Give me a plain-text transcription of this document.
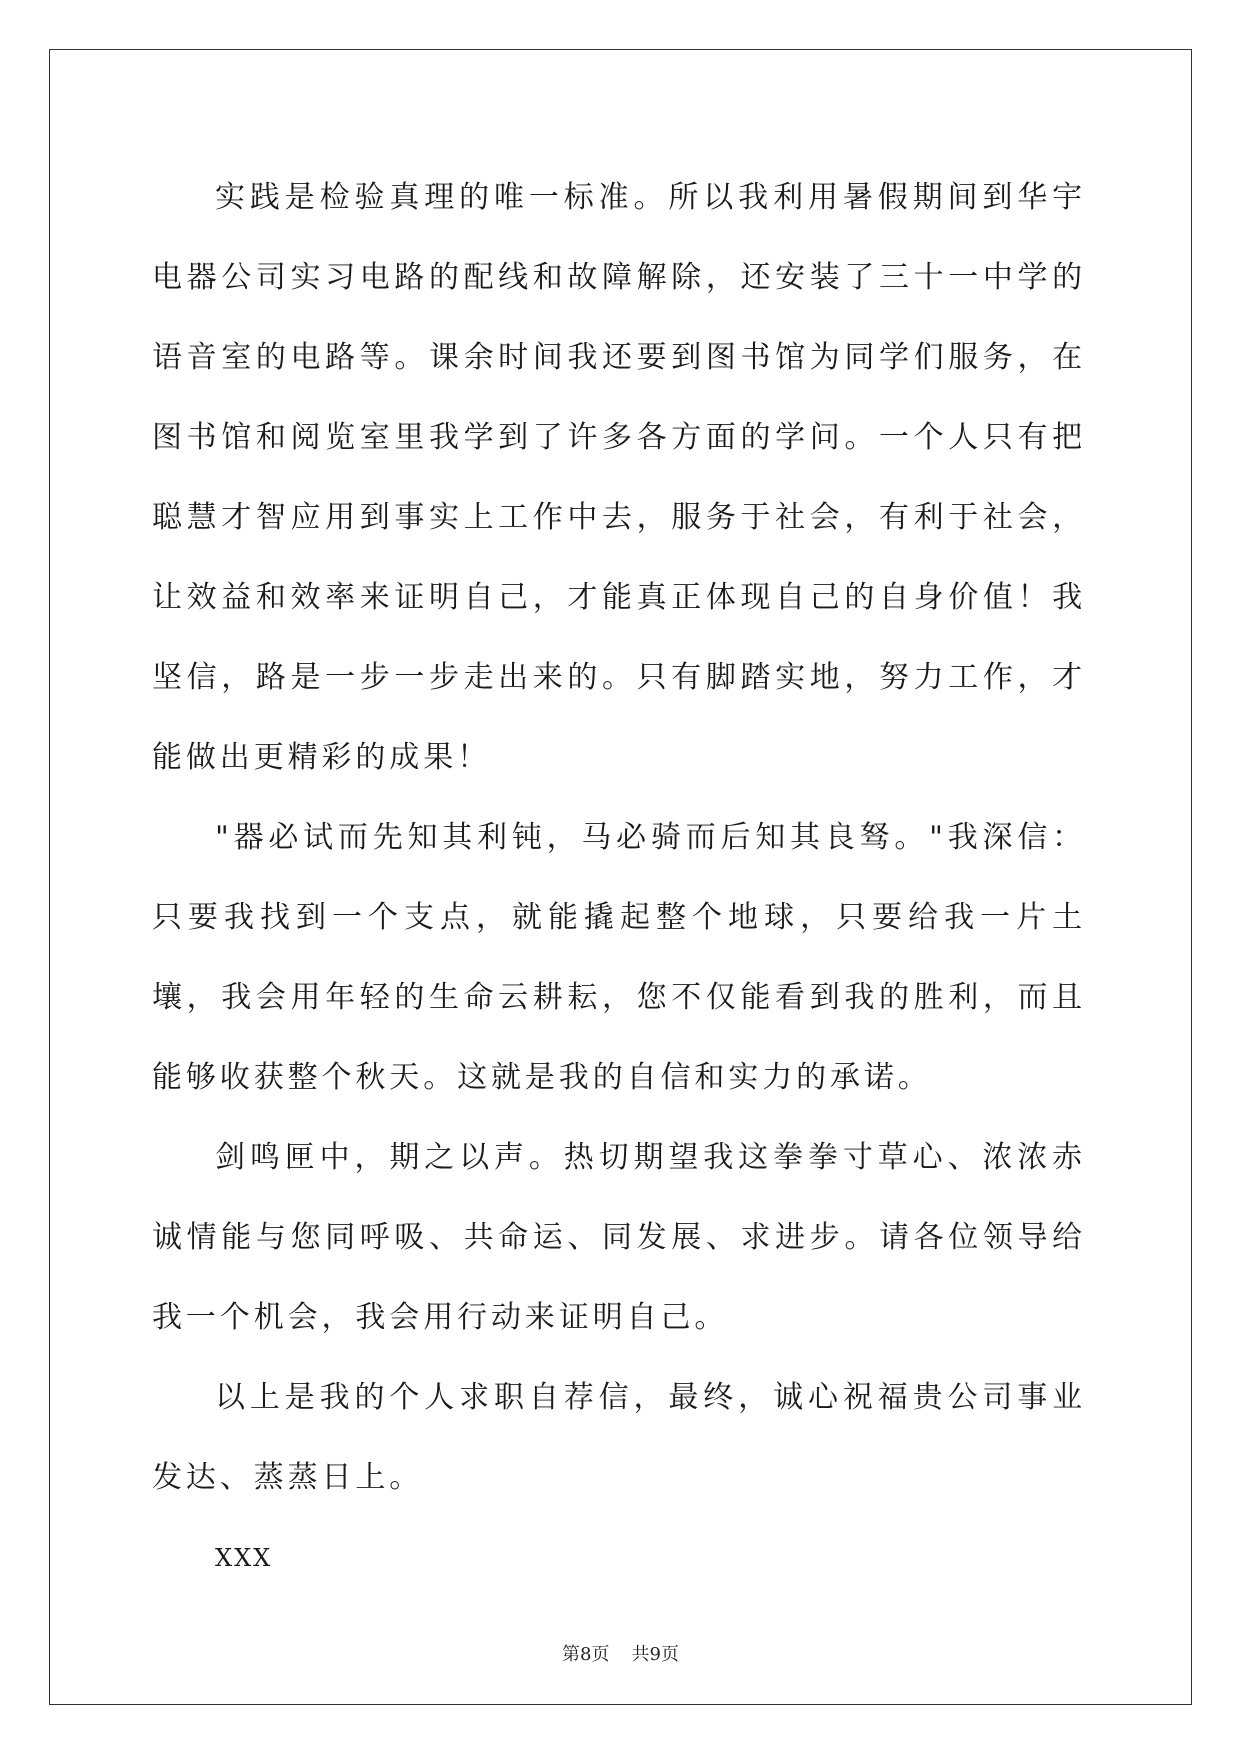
实践是检验真理的唯一标准。所以我利用暑假期间到华宇电器公司实习电路的配线和故障解除，还安装了三十一中学的语音室的电路等。课余时间我还要到图书馆为同学们服务，在图书馆和阅览室里我学到了许多各方面的学问。一个人只有把聪慧才智应用到事实上工作中去，服务于社会，有利于社会，让效益和效率来证明自己，才能真正体现自己的自身价值！我坚信，路是一步一步走出来的。只有脚踏实地，努力工作，才能做出更精彩的成果！

"器必试而先知其利钝，马必骑而后知其良驽。"我深信：只要我找到一个支点，就能撬起整个地球，只要给我一片土壤，我会用年轻的生命云耕耘，您不仅能看到我的胜利，而且能够收获整个秋天。这就是我的自信和实力的承诺。

剑鸣匣中，期之以声。热切期望我这拳拳寸草心、浓浓赤诚情能与您同呼吸、共命运、同发展、求进步。请各位领导给我一个机会，我会用行动来证明自己。

以上是我的个人求职自荐信，最终，诚心祝福贵公司事业发达、蒸蒸日上。

XXX

第8页 共9页
